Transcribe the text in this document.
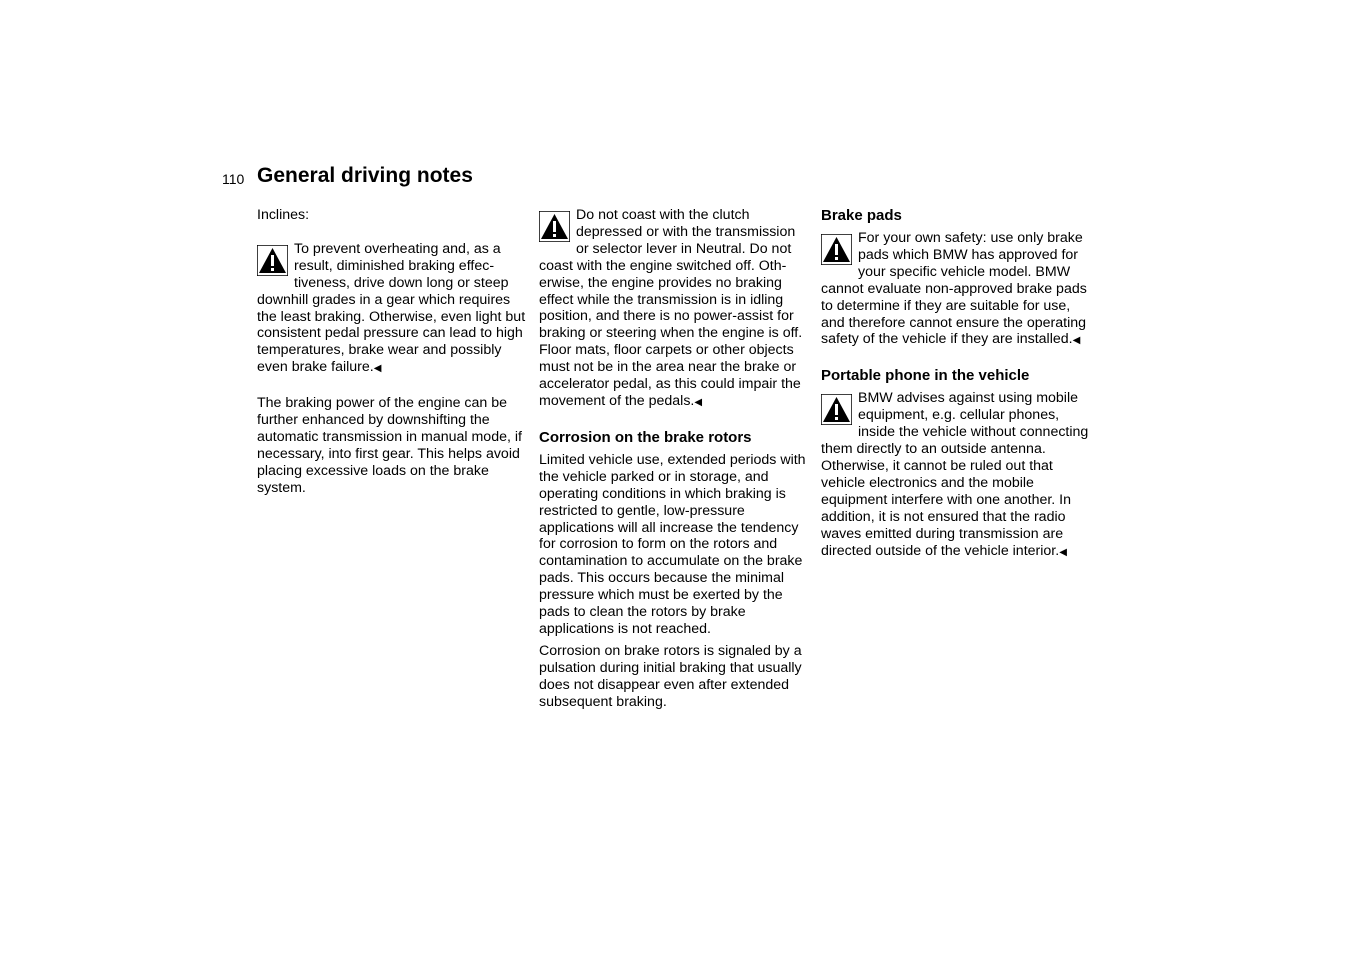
110 General driving notes

Inclines:

To prevent overheating and, as a result, diminished braking effectiveness, drive down long or steep downhill grades in a gear which requires the least braking. Otherwise, even light but consistent pedal pressure can lead to high temperatures, brake wear and possibly even brake failure.◀

The braking power of the engine can be further enhanced by downshifting the automatic transmission in manual mode, if necessary, into first gear. This helps avoid placing excessive loads on the brake system.

Do not coast with the clutch depressed or with the transmission or selector lever in Neutral. Do not coast with the engine switched off. Otherwise, the engine provides no braking effect while the transmission is in idling position, and there is no power-assist for braking or steering when the engine is off.
Floor mats, floor carpets or other objects must not be in the area near the brake or accelerator pedal, as this could impair the movement of the pedals.◀
Corrosion on the brake rotors

Limited vehicle use, extended periods with the vehicle parked or in storage, and operating conditions in which braking is restricted to gentle, low-pressure applications will all increase the tendency for corrosion to form on the rotors and contamination to accumulate on the brake pads. This occurs because the minimal pressure which must be exerted by the pads to clean the rotors by brake applications is not reached.

Corrosion on brake rotors is signaled by a pulsation during initial braking that usually does not disappear even after extended subsequent braking.

Brake pads
For your own safety: use only brake pads which BMW has approved for your specific vehicle model. BMW cannot evaluate non-approved brake pads to determine if they are suitable for use, and therefore cannot ensure the operating safety of the vehicle if they are installed.◀
Portable phone in the vehicle
BMW advises against using mobile equipment, e.g. cellular phones, inside the vehicle without connecting them directly to an outside antenna. Otherwise, it cannot be ruled out that vehicle electronics and the mobile equipment interfere with one another. In addition, it is not ensured that the radio waves emitted during transmission are directed outside of the vehicle interior.◀
